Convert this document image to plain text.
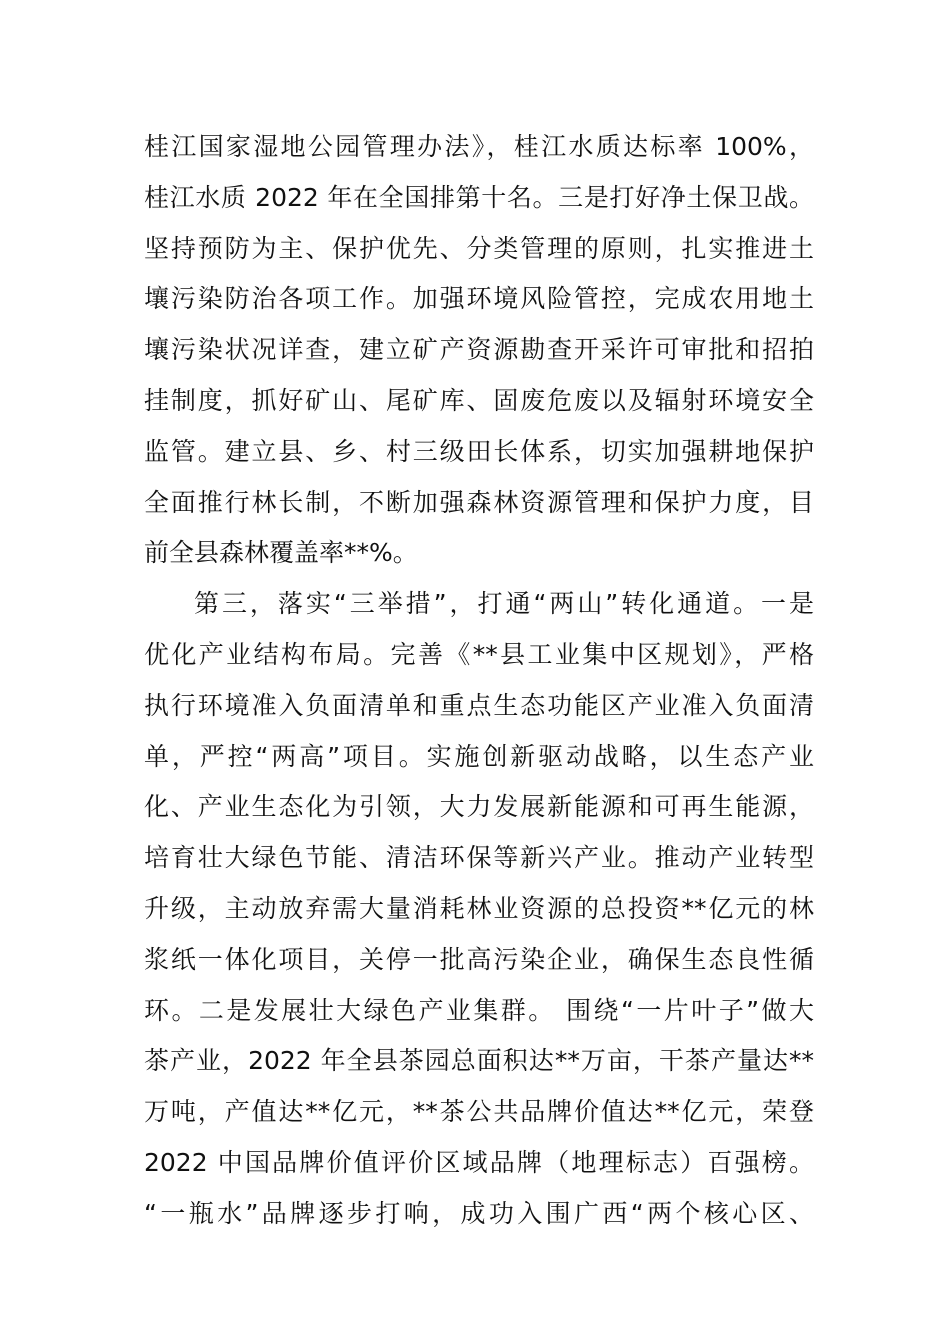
桂江国家湿地公园管理办法》，桂江水质达标率 100%，
桂江水质 2022 年在全国排第十名。三是打好净土保卫战。
坚持预防为主、保护优先、分类管理的原则，扎实推进土
壤污染防治各项工作。加强环境风险管控，完成农用地土
壤污染状况详查，建立矿产资源勘查开采许可审批和招拍
挂制度，抓好矿山、尾矿库、固废危废以及辐射环境安全
监管。建立县、乡、村三级田长体系，切实加强耕地保护
全面推行林长制，不断加强森林资源管理和保护力度，目
前全县森林覆盖率**%。
第三，落实“三举措”，打通“两山”转化通道。一是
优化产业结构布局。完善《**县工业集中区规划》，严格
执行环境准入负面清单和重点生态功能区产业准入负面清
单，严控“两高”项目。实施创新驱动战略，以生态产业
化、产业生态化为引领，大力发展新能源和可再生能源，
培育壮大绿色节能、清洁环保等新兴产业。推动产业转型
升级，主动放弃需大量消耗林业资源的总投资**亿元的林
浆纸一体化项目，关停一批高污染企业，确保生态良性循
环。二是发展壮大绿色产业集群。 围绕“一片叶子”做大
茶产业，2022 年全县茶园总面积达**万亩，干茶产量达**
万吨，产值达**亿元，**茶公共品牌价值达**亿元，荣登
2022 中国品牌价值评价区域品牌（地理标志）百强榜。
“一瓶水”品牌逐步打响，成功入围广西“两个核心区、
